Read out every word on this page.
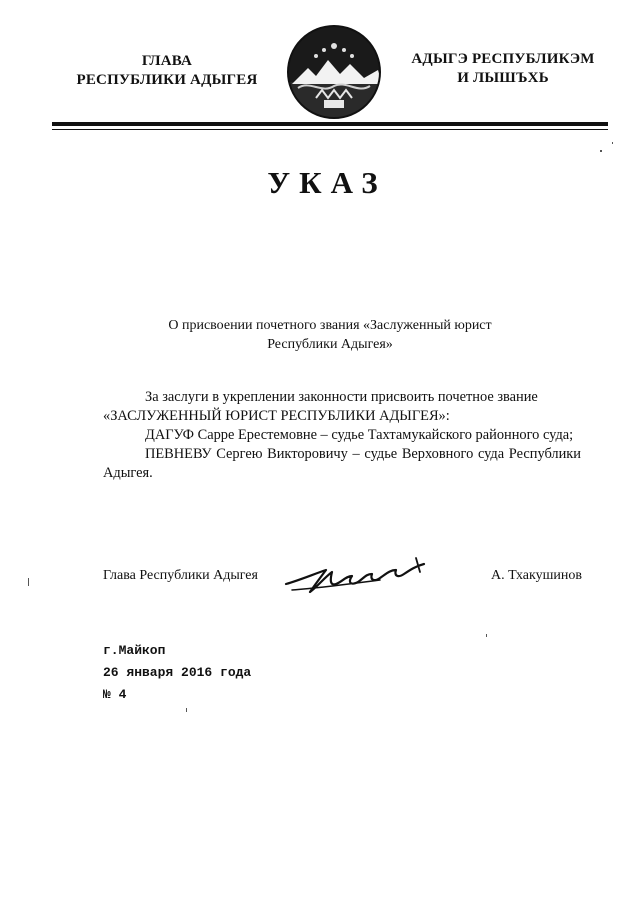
ГЛАВА
РЕСПУБЛИКИ АДЫГЕЯ
АДЫГЭ РЕСПУБЛИКЭМ
И ЛЫШЪХЬ
УКАЗ
О присвоении почетного звания «Заслуженный юрист
Республики Адыгея»

За заслуги в укреплении законности присвоить почетное звание
«ЗАСЛУЖЕННЫЙ ЮРИСТ РЕСПУБЛИКИ АДЫГЕЯ»:

ДАГУФ Сарре Ерестемовне – судье Тахтамукайского районного суда;

ПЕВНЕВУ Сергею Викторовичу – судье Верховного суда Республики Адыгея.

Глава Республики Адыгея	А. Тхакушинов
г.Майкоп
26 января 2016 года
№ 4
